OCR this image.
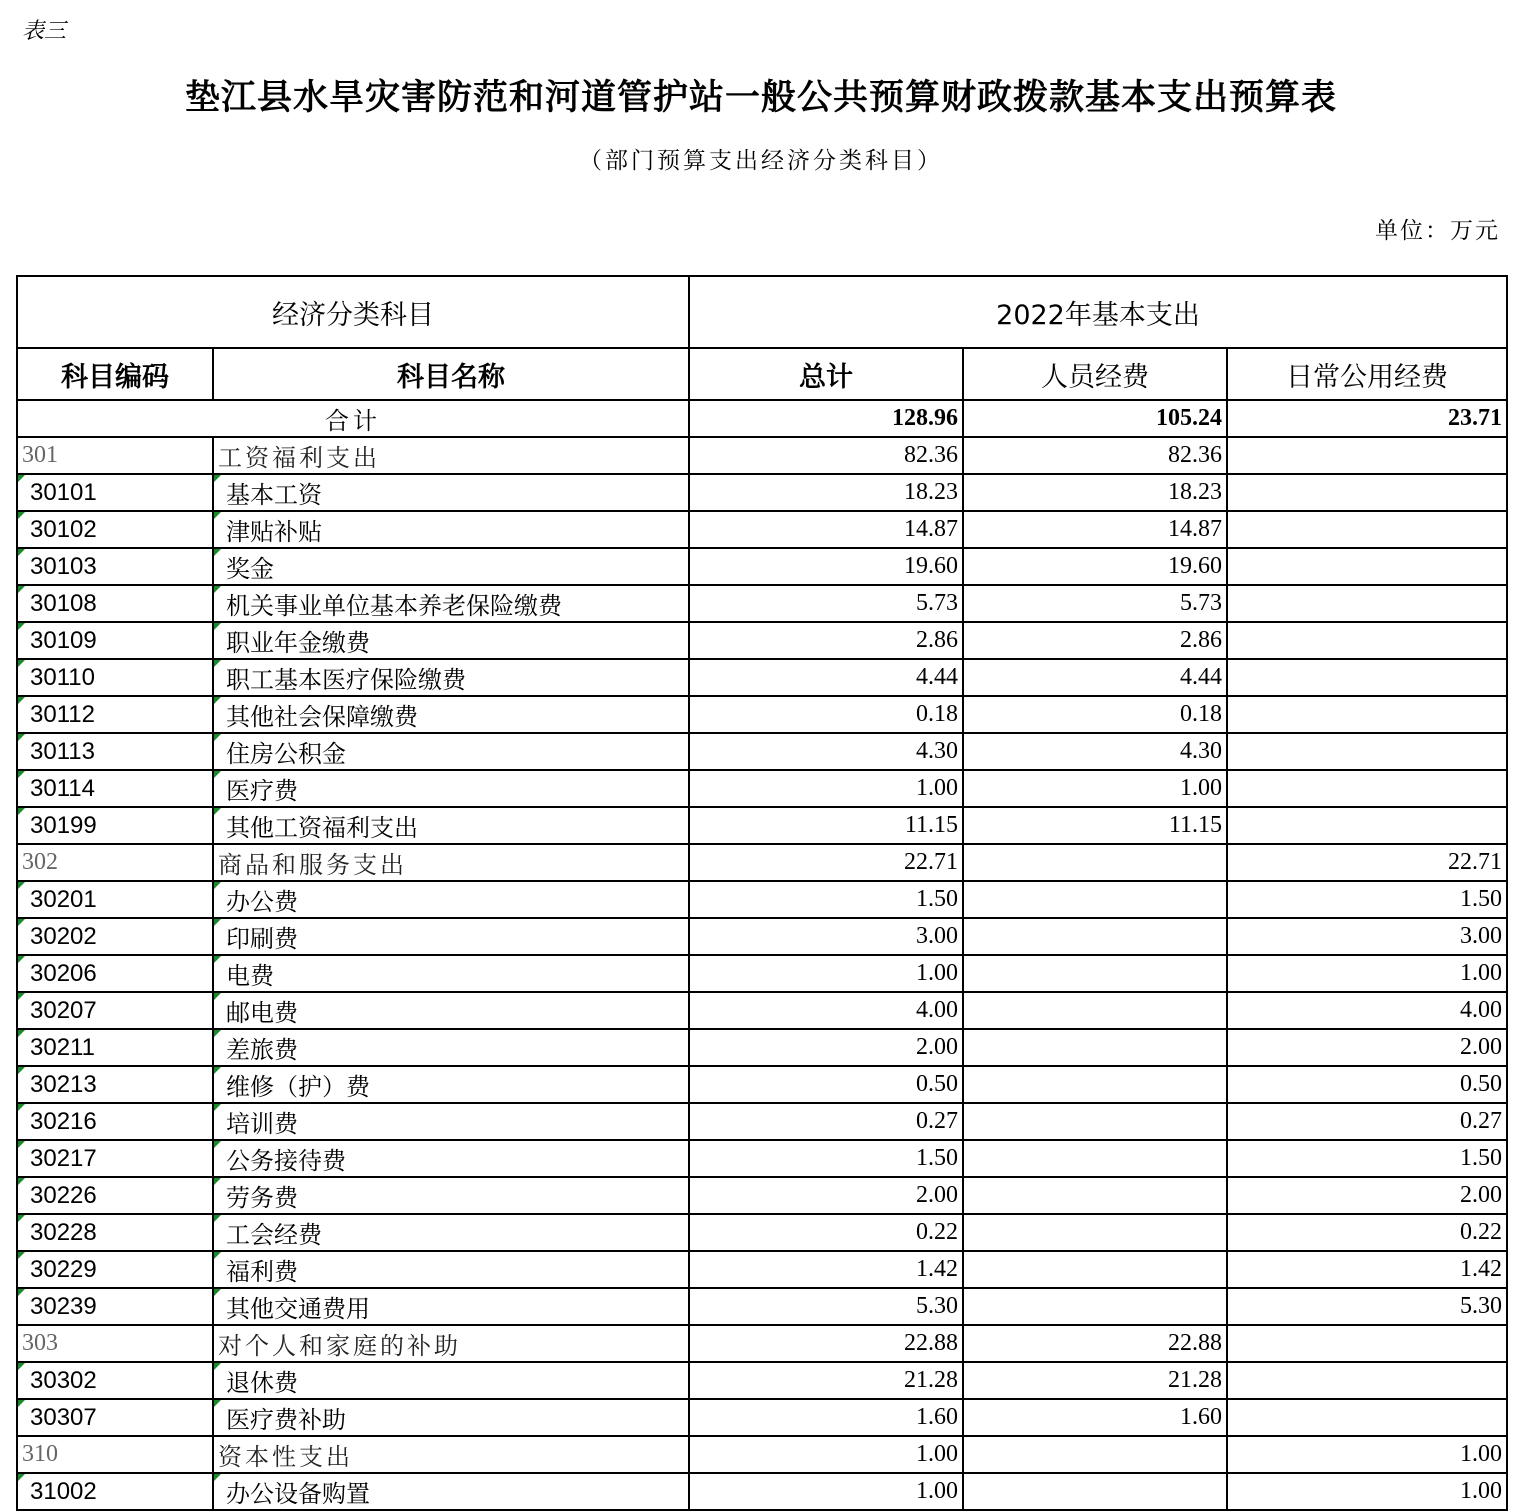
表三
垫江县水旱灾害防范和河道管护站一般公共预算财政拨款基本支出预算表
（部门预算支出经济分类科目）
单位：万元
经济分类科目		2022年基本支出		
科目编码	科目名称	总计	人员经费	日常公用经费
合计		128.96	105.24	23.71
301	工资福利支出	82.36	82.36	
30101	基本工资	18.23	18.23	
30102	津贴补贴	14.87	14.87	
30103	奖金	19.60	19.60	
30108	机关事业单位基本养老保险缴费	5.73	5.73	
30109	职业年金缴费	2.86	2.86	
30110	职工基本医疗保险缴费	4.44	4.44	
30112	其他社会保障缴费	0.18	0.18	
30113	住房公积金	4.30	4.30	
30114	医疗费	1.00	1.00	
30199	其他工资福利支出	11.15	11.15	
302	商品和服务支出	22.71		22.71
30201	办公费	1.50		1.50
30202	印刷费	3.00		3.00
30206	电费	1.00		1.00
30207	邮电费	4.00		4.00
30211	差旅费	2.00		2.00
30213	维修（护）费	0.50		0.50
30216	培训费	0.27		0.27
30217	公务接待费	1.50		1.50
30226	劳务费	2.00		2.00
30228	工会经费	0.22		0.22
30229	福利费	1.42		1.42
30239	其他交通费用	5.30		5.30
303	对个人和家庭的补助	22.88	22.88	
30302	退休费	21.28	21.28	
30307	医疗费补助	1.60	1.60	
310	资本性支出	1.00		1.00
31002	办公设备购置	1.00		1.00
